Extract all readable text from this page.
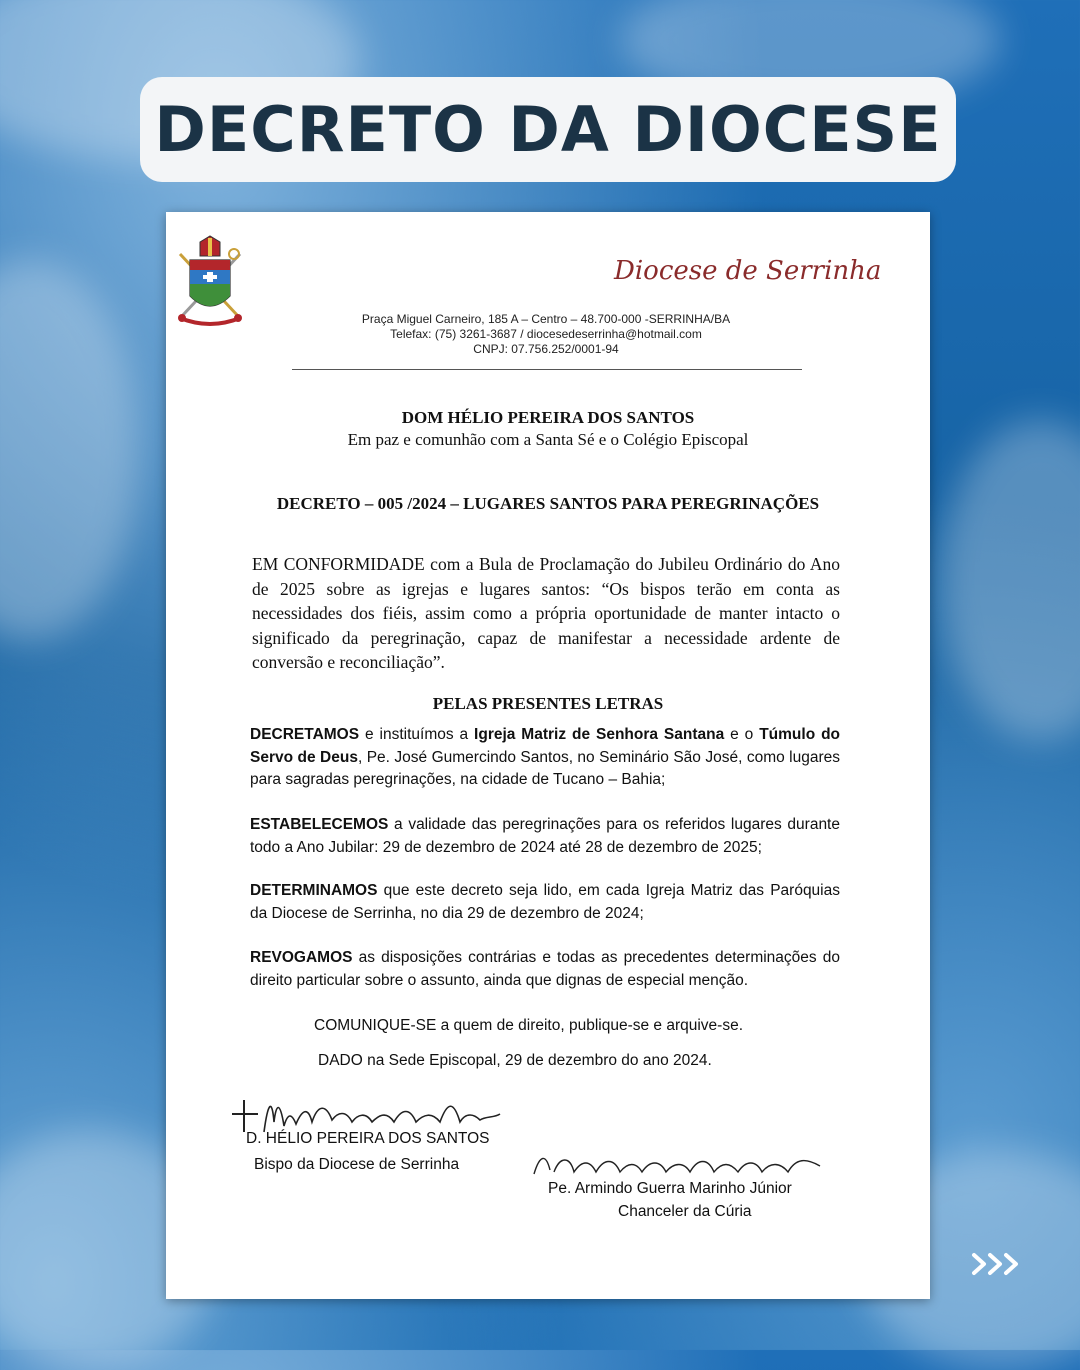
DECRETO DA DIOCESE
Diocese de Serrinha
Praça Miguel Carneiro, 185 A – Centro – 48.700-000 -SERRINHA/BA
Telefax: (75) 3261-3687 / diocesedeserrinha@hotmail.com
CNPJ: 07.756.252/0001-94
DOM HÉLIO PEREIRA DOS SANTOS
Em paz e comunhão com a Santa Sé e o Colégio Episcopal
DECRETO – 005 /2024 – LUGARES SANTOS PARA PEREGRINAÇÕES
EM CONFORMIDADE com a Bula de Proclamação do Jubileu Ordinário do Ano de 2025 sobre as igrejas e lugares santos: “Os bispos terão em conta as necessidades dos fiéis, assim como a própria oportunidade de manter intacto o significado da peregrinação, capaz de manifestar a necessidade ardente de conversão e reconciliação”.
PELAS PRESENTES LETRAS
DECRETAMOS e instituímos a Igreja Matriz de Senhora Santana e o Túmulo do Servo de Deus, Pe. José Gumercindo Santos, no Seminário São José, como lugares para sagradas peregrinações, na cidade de Tucano – Bahia;
ESTABELECEMOS a validade das peregrinações para os referidos lugares durante todo a Ano Jubilar: 29 de dezembro de 2024 até 28 de dezembro de 2025;
DETERMINAMOS que este decreto seja lido, em cada Igreja Matriz das Paróquias da Diocese de Serrinha, no dia 29 de dezembro de 2024;
REVOGAMOS as disposições contrárias e todas as precedentes determinações do direito particular sobre o assunto, ainda que dignas de especial menção.
COMUNIQUE-SE a quem de direito, publique-se e arquive-se.
DADO na Sede Episcopal, 29 de dezembro do ano 2024.
D. HÉLIO PEREIRA DOS SANTOS
Bispo da Diocese de Serrinha
Pe. Armindo Guerra Marinho Júnior
Chanceler da Cúria
